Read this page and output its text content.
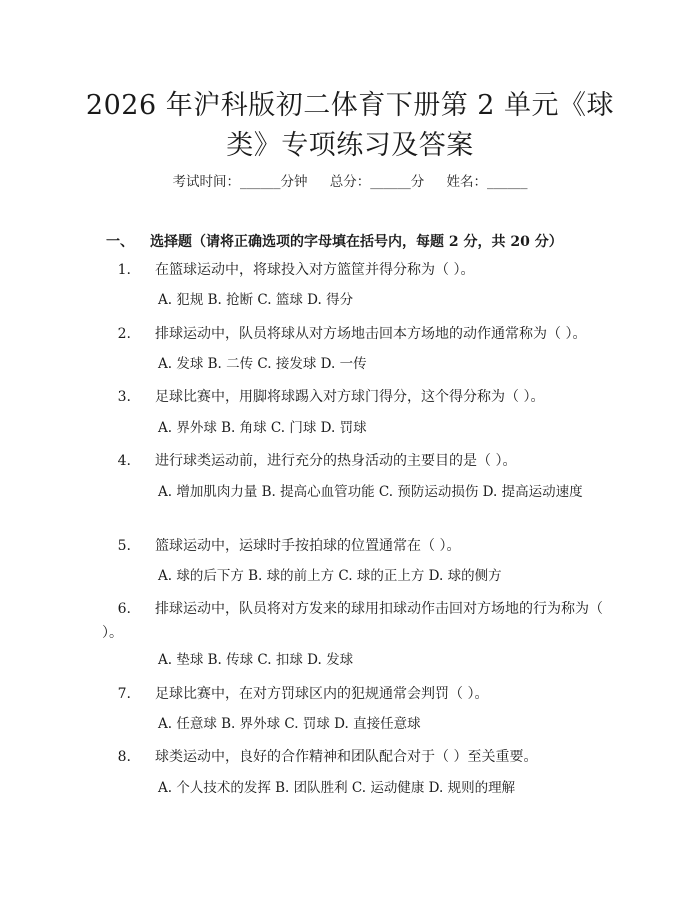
2026 年沪科版初二体育下册第 2 单元《球
类》专项练习及答案
考试时间：______分钟 总分：______分 姓名：______
一、 选择题（请将正确选项的字母填在括号内，每题 2 分，共 20 分）
1. 在篮球运动中，将球投入对方篮筐并得分称为（ ）。
A. 犯规 B. 抢断 C. 篮球 D. 得分
2. 排球运动中，队员将球从对方场地击回本方场地的动作通常称为（ ）。
A. 发球 B. 二传 C. 接发球 D. 一传
3. 足球比赛中，用脚将球踢入对方球门得分，这个得分称为（ ）。
A. 界外球 B. 角球 C. 门球 D. 罚球
4. 进行球类运动前，进行充分的热身活动的主要目的是（ ）。
A. 增加肌肉力量 B. 提高心血管功能 C. 预防运动损伤 D. 提高运动速度
5. 篮球运动中，运球时手按拍球的位置通常在（ ）。
A. 球的后下方 B. 球的前上方 C. 球的正上方 D. 球的侧方
6. 排球运动中，队员将对方发来的球用扣球动作击回对方场地的行为称为（ ）。
A. 垫球 B. 传球 C. 扣球 D. 发球
7. 足球比赛中，在对方罚球区内的犯规通常会判罚（ ）。
A. 任意球 B. 界外球 C. 罚球 D. 直接任意球
8. 球类运动中，良好的合作精神和团队配合对于（ ）至关重要。
A. 个人技术的发挥 B. 团队胜利 C. 运动健康 D. 规则的理解
